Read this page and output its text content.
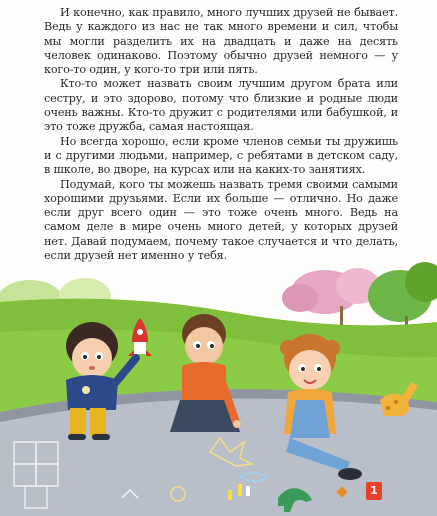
И конечно, как правило, много лучших друзей не бывает. Ведь у каждого из нас не так много времени и сил, чтобы мы могли разделить их на двадцать и даже на десять человек одинаково. Поэтому обычно друзей немного — у кого-то один, у кого-то три или пять.

Кто-то может назвать своим лучшим другом брата или сестру, и это здорово, потому что близкие и родные люди очень важны. Кто-то дружит с родителями или бабушкой, и это тоже дружба, самая настоящая.

Но всегда хорошо, если кроме членов семьи ты дружишь и с другими людьми, например, с ребятами в детском саду, в школе, во дворе, на курсах или на каких-то занятиях.

Подумай, кого ты можешь назвать тремя своими самыми хорошими друзьями. Если их больше — отлично. Но даже если друг всего один — это тоже очень много. Ведь на самом деле в мире очень много детей, у которых друзей нет. Давай подумаем, почему такое случается и что делать, если друзей нет именно у тебя.

1
